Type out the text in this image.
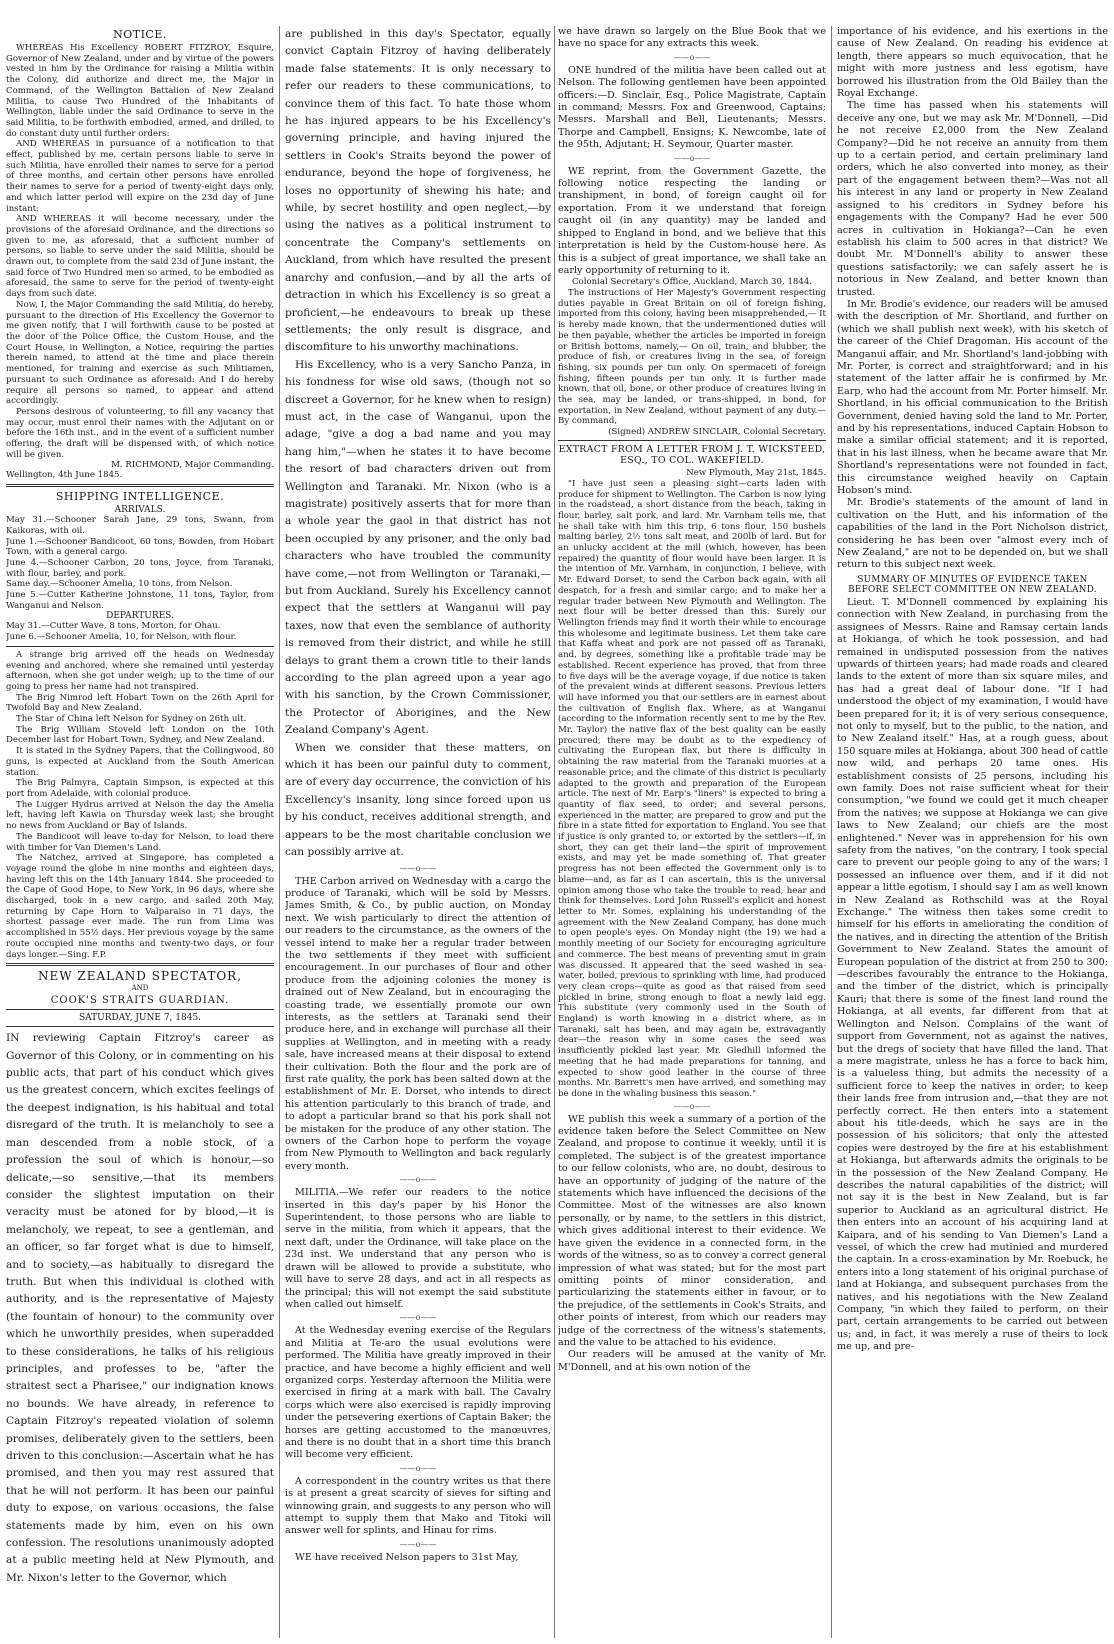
NOTICE.

WHEREAS His Excellency ROBERT FITZROY, Esquire, Governor of New Zealand, under and by virtue of the powers vested in him by the Ordinance for raising a Militia within the Colony, did authorize and direct me, the Major in Command, of the Wellington Battalion of New Zealand Militia, to cause Two Hundred of the Inhabitants of Wellington, liable under the said Ordinance to serve in the said Militia, to be forthwith embodied, armed, and drilled, to do constant duty until further orders:

AND WHEREAS in pursuance of a notification to that effect, published by me, certain persons liable to serve in such Militia, have enrolled their names to serve for a period of three months, and certain other persons have enrolled their names to serve for a period of twenty-eight days only, and which latter period will expire on the 23d day of June instant:

AND WHEREAS it will become necessary, under the provisions of the aforesaid Ordinance, and the directions so given to me, as aforesaid, that a sufficient number of persons, so liable to serve under the said Militia, should be drawn out, to complete from the said 23d of June instant, the said force of Two Hundred men so armed, to be embodied as aforesaid, the same to serve for the period of twenty-eight days from such date.

Now, I, the Major Commanding the said Militia, do hereby, pursuant to the direction of His Excellency the Governor to me given notify, that I will forthwith cause to be posted at the door of the Police Office, the Custom House, and the Court House, in Wellington, a Notice, requiring the parties therein named, to attend at the time and place therein mentioned, for training and exercise as such Militiamen, pursuant to such Ordinance as aforesaid: And I do hereby require all persons so named, to appear and attend accordingly.

Persons desirous of volunteering, to fill any vacancy that may occur, must enrol their names with the Adjutant on or before the 16th inst., and in the event of a sufficient number offering, the draft will be dispensed with, of which notice will be given.

M. RICHMOND, Major Commanding.

Wellington, 4th June 1845.

SHIPPING INTELLIGENCE.
ARRIVALS.

May 31.—Schooner Sarah Jane, 29 tons, Swann, from Kaikoras, with oil.

June 1.—Schooner Bandicoot, 60 tons, Bowden, from Hobart Town, with a general cargo.

June 4.—Schooner Carbon, 20 tons, Joyce, from Taranaki, with flour, barley, and pork.

Same day.—Schooner Amelia, 10 tons, from Nelson.

June 5.—Cutter Katherine Johnstone, 11 tons, Taylor, from Wanganui and Nelson.

DEPARTURES.

May 31.—Cutter Wave, 8 tons, Morton, for Ohau.

June 6.—Schooner Amelia, 10, for Nelson, with flour.

A strange brig arrived off the heads on Wednesday evening and anchored, where she remained until yesterday afternoon, when she got under weigh; up to the time of our going to press her name had not transpired.

The Brig Nimrod left Hobart Town on the 26th April for Twofold Bay and New Zealand.

The Star of China left Nelson for Sydney on 26th ult.

The Brig William Stoveld left London on the 10th December last for Hobart Town, Sydney, and New Zealand.

It is stated in the Sydney Papers, that the Collingwood, 80 guns, is expected at Auckland from the South American station.

The Brig Palmyra, Captain Simpson, is expected at this port from Adelaide, with colonial produce.

The Lugger Hydrus arrived at Nelson the day the Amelia left, having left Kawia on Thursday week last; she brought no news from Auckland or Bay of Islands.

The Bandicoot will leave to-day for Nelson, to load there with timber for Van Diemen's Land.

The Natchez, arrived at Singapore, has completed a voyage round the globe in nine months and eighteen days, having left this on the 14th January 1844. She proceeded to the Cape of Good Hope, to New York, in 96 days, where she discharged, took in a new cargo, and sailed 20th May, returning by Cape Horn to Valparaiso in 71 days, the shortest passage ever made. The run from Lima was accomplished in 55½ days. Her previous voyage by the same route occupied nine months and twenty-two days, or four days longer.—Sing. F.P.

NEW ZEALAND SPECTATOR,
AND
COOK'S STRAITS GUARDIAN.
SATURDAY, JUNE 7, 1845.

IN reviewing Captain Fitzroy's career as Governor of this Colony, or in commenting on his public acts, that part of his conduct which gives us the greatest concern, which excites feelings of the deepest indignation, is his habitual and total disregard of the truth. It is melancholy to see a man descended from a noble stock, of a profession the soul of which is honour,—so delicate,—so sensitive,—that its members consider the slightest imputation on their veracity must be atoned for by blood,—it is melancholy, we repeat, to see a gentleman, and an officer, so far forget what is due to himself, and to society,—as habitually to disregard the truth. But when this individual is clothed with authority, and is the representative of Majesty (the fountain of honour) to the community over which he unworthily presides, when superadded to these considerations, he talks of his religious principles, and professes to be, "after the straitest sect a Pharisee," our indignation knows no bounds. We have already, in reference to Captain Fitzroy's repeated violation of solemn promises, deliberately given to the settlers, been driven to this conclusion:—Ascertain what he has promised, and then you may rest assured that that he will not perform. It has been our painful duty to expose, on various occasions, the false statements made by him, even on his own confession. The resolutions unanimously adopted at a public meeting held at New Plymouth, and Mr. Nixon's letter to the Governor, which

are published in this day's Spectator, equally convict Captain Fitzroy of having deliberately made false statements. It is only necessary to refer our readers to these communications, to convince them of this fact. To hate those whom he has injured appears to be his Excellency's governing principle, and having injured the settlers in Cook's Straits beyond the power of endurance, beyond the hope of forgiveness, he loses no opportunity of shewing his hate; and while, by secret hostility and open neglect,—by using the natives as a political instrument to concentrate the Company's settlements on Auckland, from which have resulted the present anarchy and confusion,—and by all the arts of detraction in which his Excellency is so great a proficient,—he endeavours to break up these settlements; the only result is disgrace, and discomfiture to his unworthy machinations.

His Excellency, who is a very Sancho Panza, in his fondness for wise old saws, (though not so discreet a Governor, for he knew when to resign) must act, in the case of Wanganui, upon the adage, "give a dog a bad name and you may hang him,"—when he states it to have become the resort of bad characters driven out from Wellington and Taranaki. Mr. Nixon (who is a magistrate) positively asserts that for more than a whole year the gaol in that district has not been occupied by any prisoner, and the only bad characters who have troubled the community have come,—not from Wellington or Taranaki,—but from Auckland. Surely his Excellency cannot expect that the settlers at Wanganui will pay taxes, now that even the semblance of authority is removed from their district, and while he still delays to grant them a crown title to their lands according to the plan agreed upon a year ago with his sanction, by the Crown Commissioner, the Protector of Aborigines, and the New Zealand Company's Agent.

When we consider that these matters, on which it has been our painful duty to comment, are of every day occurrence, the conviction of his Excellency's insanity, long since forced upon us by his conduct, receives additional strength, and appears to be the most charitable conclusion we can possibly arrive at.

——o——

THE Carbon arrived on Wednesday with a cargo the produce of Taranaki, which will be sold by Messrs. James Smith, & Co., by public auction, on Monday next. We wish particularly to direct the attention of our readers to the circumstance, as the owners of the vessel intend to make her a regular trader between the two settlements if they meet with sufficient encouragement. In our purchases of flour and other produce from the adjoining colonies the money is drained out of New Zealand, but in encouraging the coasting trade, we essentially promote our own interests, as the settlers at Taranaki send their produce here, and in exchange will purchase all their supplies at Wellington, and in meeting with a ready sale, have increased means at their disposal to extend their cultivation. Both the flour and the pork are of first rate quality, the pork has been salted down at the establishment of Mr. E. Dorset, who intends to direct his attention particularly to this branch of trade, and to adopt a particular brand so that his pork shall not be mistaken for the produce of any other station. The owners of the Carbon hope to perform the voyage from New Plymouth to Wellington and back regularly every month.

——o——

MILITIA.—We refer our readers to the notice inserted in this day's paper by his Honor the Superintendent, to those persons who are liable to serve in the militia, from which it appears, that the next daft, under the Ordinance, will take place on the 23d inst. We understand that any person who is drawn will be allowed to provide a substitute, who will have to serve 28 days, and act in all respects as the principal; this will not exempt the said substitute when called out himself.

——o——

At the Wednesday evening exercise of the Regulars and Militia at Te-aro the usual evolutions were performed. The Militia have greatly improved in their practice, and have become a highly efficient and well organized corps. Yesterday afternoon the Militia were exercised in firing at a mark with ball. The Cavalry corps which were also exercised is rapidly improving under the persevering exertions of Captain Baker; the horses are getting accustomed to the manœuvres, and there is no doubt that in a short time this branch will become very efficient.

——o——

A correspondent in the country writes us that there is at present a great scarcity of sieves for sifting and winnowing grain, and suggests to any person who will attempt to supply them that Mako and Titoki will answer well for splints, and Hinau for rims.

——o——

WE have received Nelson papers to 31st May,

we have drawn so largely on the Blue Book that we have no space for any extracts this week.

——o——

ONE hundred of the militia have been called out at Nelson. The following gentlemen have been appointed officers:—D. Sinclair, Esq., Police Magistrate, Captain in command; Messrs. Fox and Greenwood, Captains; Messrs. Marshall and Bell, Lieutenants; Messrs. Thorpe and Campbell, Ensigns; K. Newcombe, late of the 95th, Adjutant; H. Seymour, Quarter master.

——o——

WE reprint, from the Government Gazette, the following notice respecting the landing or transhipment, in bond, of foreign caught oil for exportation. From it we understand that foreign caught oil (in any quantity) may be landed and shipped to England in bond, and we believe that this interpretation is held by the Custom-house here. As this is a subject of great importance, we shall take an early opportunity of returning to it.

Colonial Secretary's Office, Auckland, March 30, 1844.

The instructions of Her Majesty's Government respecting duties payable in Great Britain on oil of foreign fishing, imported from this colony, having been misapprehended,— It is hereby made known, that the undermentioned duties will be then payable, whether the articles be imported in foreign or British bottoms, namely,— On oil, train, and blubber, the produce of fish, or creatures living in the sea, of foreign fishing, six pounds per tun only. On spermaceti of foreign fishing, fifteen pounds per tun only. It is further made known, that oil, bone, or other produce of creatures living in the sea, may be landed, or trans-shipped, in bond, for exportation, in New Zealand, without payment of any duty.—By command,

(Signed) ANDREW SINCLAIR, Colonial Secretary.

EXTRACT FROM A LETTER FROM J. T. WICKSTEED, ESQ., TO COL. WAKEFIELD.

New Plymouth, May 21st, 1845.

"I have just seen a pleasing sight—carts laden with produce for shipment to Wellington. The Carbon is now lying in the roadstead, a short distance from the beach, taking in flour, barley, salt pork, and lard. Mr. Varnham tells me, that he shall take with him this trip, 6 tons flour, 150 bushels malting barley, 2½ tons salt meat, and 200lb of lard. But for an unlucky accident at the mill (which, however, has been repaired) the quantity of flour would have been larger. It is the intention of Mr. Varnham, in conjunction, I believe, with Mr. Edward Dorset, to send the Carbon back again, with all despatch, for a fresh and similar cargo; and to make her a regular trader between New Plymouth and Wellington. The next flour will be better dressed than this. Surely our Wellington friends may find it worth their while to encourage this wholesome and legitimate business. Let them take care that Kaffa wheat and pork are not passed off as Taranaki, and, by degrees, something like a profitable trade may be established. Recent experience has proved, that from three to five days will be the average voyage, if due notice is taken of the prevalent winds at different seasons. Previous letters will have informed you that our settlers are in earnest about the cultivation of English flax. Where, as at Wanganui (according to the information recently sent to me by the Rev. Mr. Taylor) the native flax of the best quality can be easily procured, there may be doubt as to the expediency of cultivating the European flax, but there is difficulty in obtaining the raw material from the Taranaki muories at a reasonable price; and the climate of this district is peculiarly adapted to the growth and preparation of the European article. The next of Mr. Earp's "liners" is expected to bring a quantity of flax seed, to order; and several persons, experienced in the matter, are prepared to grow and put the fibre in a state fitted for exportation to England. You see that if justice is only granted to, or extorted by the settlers—if, in short, they can get their land—the spirit of improvement exists, and may yet be made something of. That greater progress has not been effected the Government only is to blame—and, as far as I can ascertain, this is the universal opinion among those who take the trouble to read, hear and think for themselves. Lord John Russell's explicit and honest letter to Mr. Somes, explaining his understanding of the agreement with the New Zealand Company, has done much to open people's eyes. On Monday night (the 19) we had a monthly meeting of our Society for encouraging agriculture and commerce. The best means of preventing smut in grain was discussed. It appeared that the seed washed in sea-water, boiled, previous to sprinkling with lime, had produced very clean crops—quite as good as that raised from seed pickled in brine, strong enough to float a newly laid egg. This substitute (very commonly used in the South of England) is worth knowing in a district where, as in Taranaki, salt has been, and may again be, extravagantly dear—the reason why in some cases the seed was insufficiently pickled last year. Mr. Gledhill informed the meeting that he had made preparations for tanning, and expected to show good leather in the course of three months. Mr. Barrett's men have arrived, and something may be done in the whaling business this season."

——o——

WE publish this week a summary of a portion of the evidence taken before the Select Committee on New Zealand, and propose to continue it weekly, until it is completed. The subject is of the greatest importance to our fellow colonists, who are, no doubt, desirous to have an opportunity of judging of the nature of the statements which have influenced the decisions of the Committee. Most of the witnesses are also known personally, or by name, to the settlers in this district, which gives additional interest to their evidence. We have given the evidence in a connected form, in the words of the witness, so as to convey a correct general impression of what was stated; but for the most part omitting points of minor consideration, and particularizing the statements either in favour, or to the prejudice, of the settlements in Cook's Straits, and other points of interest, from which our readers may judge of the correctness of the witness's statements, and the value to be attached to his evidence.

Our readers will be amused at the vanity of Mr. M'Donnell, and at his own notion of the

importance of his evidence, and his exertions in the cause of New Zealand. On reading his evidence at length, there appears so much equivocation, that he might with more justness and less egotism, have borrowed his illustration from the Old Bailey than the Royal Exchange.

The time has passed when his statements will deceive any one, but we may ask Mr. M'Donnell, —Did he not receive £2,000 from the New Zealand Company?—Did he not receive an annuity from them up to a certain period, and certain preliminary land orders, which he also converted into money, as their part of the engagement between them?—Was not all his interest in any land or property in New Zealand assigned to his creditors in Sydney before his engagements with the Company? Had he ever 500 acres in cultivation in Hokianga?—Can he even establish his claim to 500 acres in that district? We doubt Mr. M'Donnell's ability to answer these questions satisfactorily; we can safely assert he is notorious in New Zealand, and better known than trusted.

In Mr. Brodie's evidence, our readers will be amused with the description of Mr. Shortland, and further on (which we shall publish next week), with his sketch of the career of the Chief Dragoman. His account of the Manganui affair, and Mr. Shortland's land-jobbing with Mr. Porter, is correct and straightforward; and in his statement of the latter affair he is confirmed by Mr. Earp, who had the account from Mr. Porter himself. Mr. Shortland, in his official communication to the British Government, denied having sold the land to Mr. Porter, and by his representations, induced Captain Hobson to make a similar official statement; and it is reported, that in his last illness, when he became aware that Mr. Shortland's representations were not founded in fact, this circumstance weighed heavily on Captain Hobson's mind.

Mr. Brodie's statements of the amount of land in cultivation on the Hutt, and his information of the capabilities of the land in the Port Nicholson district, considering he has been over "almost every inch of New Zealand," are not to be depended on, but we shall return to this subject next week.

SUMMARY OF MINUTES OF EVIDENCE TAKEN BEFORE SELECT COMMITTEE ON NEW ZEALAND.

Lieut. T. M'Donnell commenced by explaining his connection with New Zealand, in purchasing from the assignees of Messrs. Raine and Ramsay certain lands at Hokianga, of which he took possession, and had remained in undisputed possession from the natives upwards of thirteen years; had made roads and cleared lands to the extent of more than six square miles, and has had a great deal of labour done. "If I had understood the object of my examination, I would have been prepared for it; it is of very serious consequence, not only to myself, but to the public, to the nation, and to New Zealand itself." Has, at a rough guess, about 150 square miles at Hokianga, about 300 head of cattle now wild, and perhaps 20 tame ones. His establishment consists of 25 persons, including his own family. Does not raise sufficient wheat for their consumption, "we found we could get it much cheaper from the natives; we suppose at Hokianga we can give laws to New Zealand; our chiefs are the most enlightened." Never was in apprehension for his own safety from the natives, "on the contrary, I took special care to prevent our people going to any of the wars; I possessed an influence over them, and if it did not appear a little egotism, I should say I am as well known in New Zealand as Rothschild was at the Royal Exchange." The witness then takes some credit to himself for his efforts in ameliorating the condition of the natives, and in directing the attention of the British Government to New Zealand. States the amount of European population of the district at from 250 to 300;—describes favourably the entrance to the Hokianga, and the timber of the district, which is principally Kauri; that there is some of the finest land round the Hokianga, at all events, far different from that at Wellington and Nelson. Complains of the want of support from Government, not as against the natives, but the dregs of society that have filled the land. That a mere magistrate, unless he has a force to back him, is a valueless thing, but admits the necessity of a sufficient force to keep the natives in order; to keep their lands free from intrusion and,—that they are not perfectly correct. He then enters into a statement about his title-deeds, which he says are in the possession of his solicitors; that only the attested copies were destroyed by the fire at his establishment at Hokianga, but afterwards admits the originals to be in the possession of the New Zealand Company. He describes the natural capabilities of the district; will not say it is the best in New Zealand, but is far superior to Auckland as an agricultural district. He then enters into an account of his acquiring land at Kaipara, and of his sending to Van Diemen's Land a vessel, of which the crew had mutinied and murdered the captain. In a cross-examination by Mr. Roebuck, he enters into a long statement of his original purchase of land at Hokianga, and subsequent purchases from the natives, and his negotiations with the New Zealand Company, "in which they failed to perform, on their part, certain arrangements to be carried out between us; and, in fact, it was merely a ruse of theirs to lock me up, and pre-
